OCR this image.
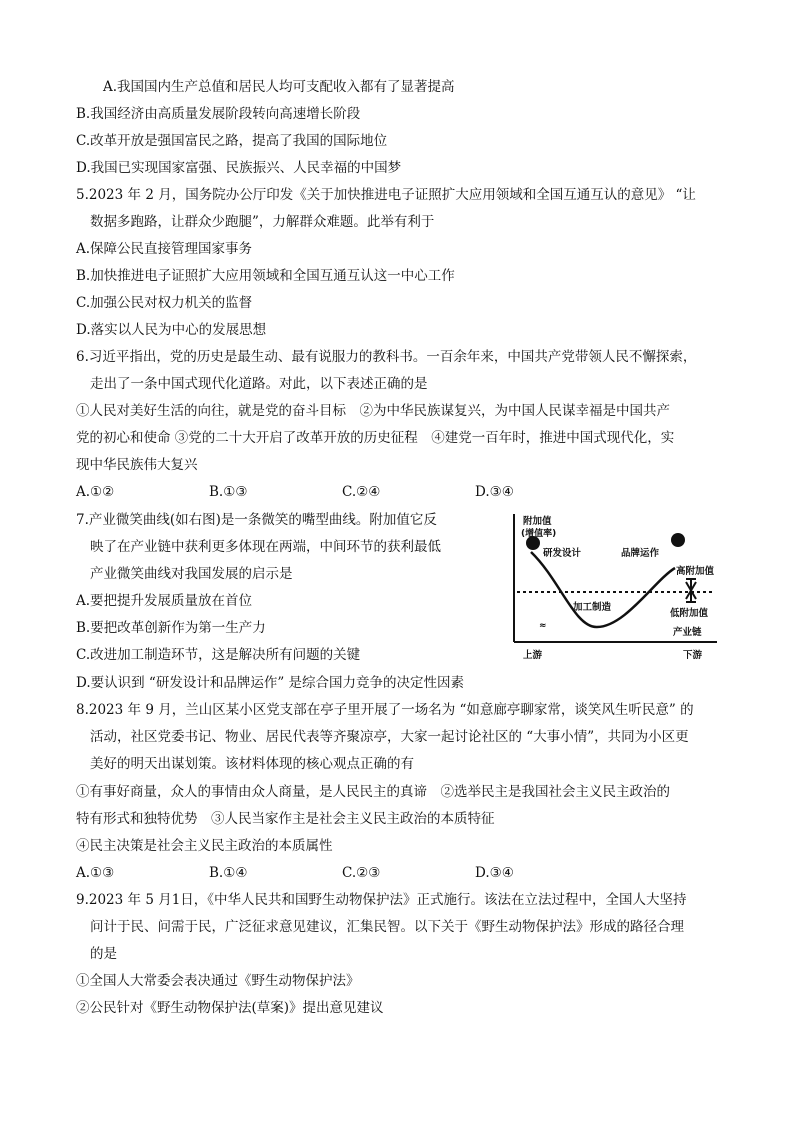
A.我国国内生产总值和居民人均可支配收入都有了显著提高
B.我国经济由高质量发展阶段转向高速增长阶段
C.改革开放是强国富民之路，提高了我国的国际地位
D.我国已实现国家富强、民族振兴、人民幸福的中国梦
5.2023 年 2 月，国务院办公厅印发《关于加快推进电子证照扩大应用领域和全国互通互认的意见》 “让
数据多跑路，让群众少跑腿”，力解群众难题。此举有利于
A.保障公民直接管理国家事务
B.加快推进电子证照扩大应用领域和全国互通互认这一中心工作
C.加强公民对权力机关的监督
D.落实以人民为中心的发展思想
6.习近平指出，党的历史是最生动、最有说服力的教科书。一百余年来，中国共产党带领人民不懈探索，
走出了一条中国式现代化道路。对此，以下表述正确的是
①人民对美好生活的向往，就是党的奋斗目标　②为中华民族谋复兴，为中国人民谋幸福是中国共产
党的初心和使命 ③党的二十大开启了改革开放的历史征程　④建党一百年时，推进中国式现代化，实
现中华民族伟大复兴
A.①②	B.①③	C.②④	D.③④
7.产业微笑曲线(如右图)是一条微笑的嘴型曲线。附加值它反
映了在产业链中获利更多体现在两端，中间环节的获利最低
产业微笑曲线对我国发展的启示是
A.要把提升发展质量放在首位
B.要把改革创新作为第一生产力
C.改进加工制造环节，这是解决所有问题的关键
D.要认识到 “研发设计和品牌运作” 是综合国力竞争的决定性因素
附加值
(增值率)
研发设计	品牌运作
加工制造
高附加值
低附加值
产业链
≈
上游	下游
8.2023 年 9 月，兰山区某小区党支部在亭子里开展了一场名为 “如意廊亭聊家常，谈笑风生听民意” 的
活动，社区党委书记、物业、居民代表等齐聚凉亭，大家一起讨论社区的 “大事小情”，共同为小区更
美好的明天出谋划策。该材料体现的核心观点正确的有
①有事好商量，众人的事情由众人商量，是人民民主的真谛　②选举民主是我国社会主义民主政治的
特有形式和独特优势　③人民当家作主是社会主义民主政治的本质特征
④民主决策是社会主义民主政治的本质属性
A.①③	B.①④	C.②③	D.③④
9.2023 年 5 月1日，《中华人民共和国野生动物保护法》正式施行。该法在立法过程中，全国人大坚持
问计于民、问需于民，广泛征求意见建议，汇集民智。以下关于《野生动物保护法》形成的路径合理
的是
①全国人大常委会表决通过《野生动物保护法》
②公民针对《野生动物保护法(草案)》提出意见建议
